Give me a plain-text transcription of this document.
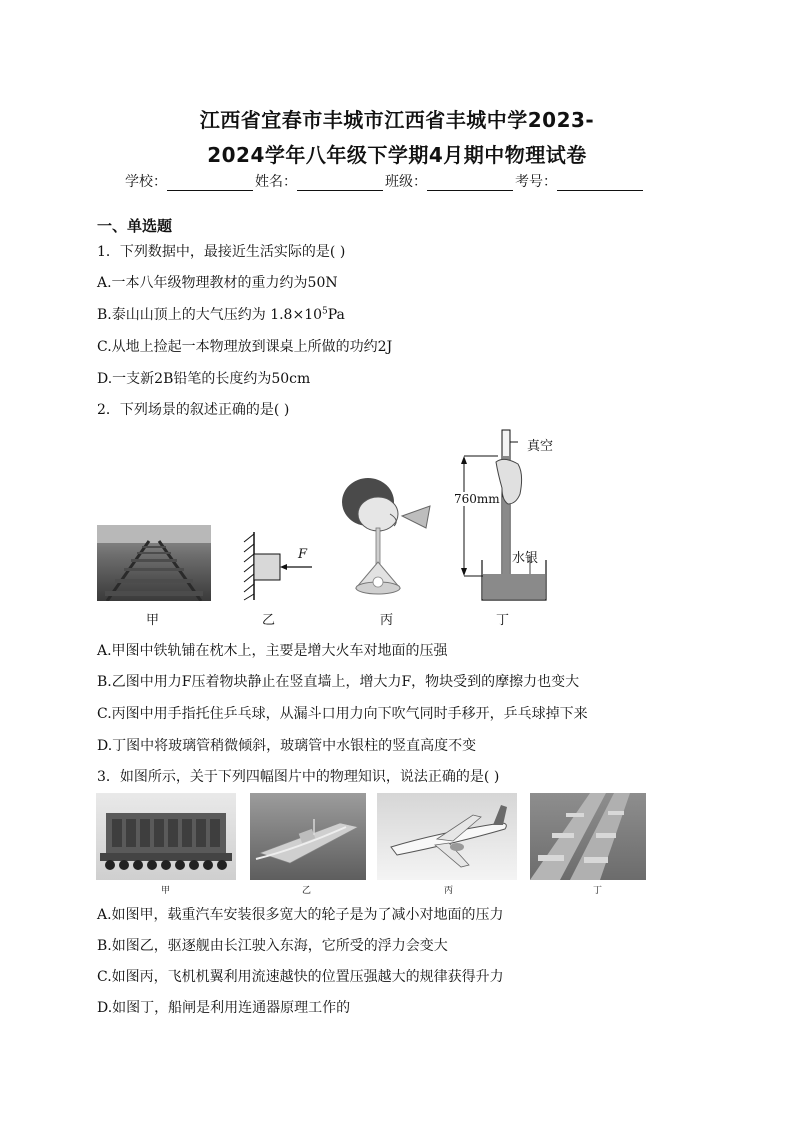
江西省宜春市丰城市江西省丰城中学2023-
2024学年八年级下学期4月期中物理试卷
学校：	姓名：	班级：	考号：
一、单选题
1．下列数据中，最接近生活实际的是( )
A.一本八年级物理教材的重力约为50N
B.泰山山顶上的大气压约为 $1.8\times 10^5Pa$
C.从地上捡起一本物理放到课桌上所做的功约2J
D.一支新2B铅笔的长度约为50cm
2．下列场景的叙述正确的是( )
F
真空
760mm
水银
甲	乙	丙	丁
A.甲图中铁轨铺在枕木上，主要是增大火车对地面的压强
B.乙图中用力F压着物块静止在竖直墙上，增大力F，物块受到的摩擦力也变大
C.丙图中用手指托住乒乓球，从漏斗口用力向下吹气同时手移开，乒乓球掉下来
D.丁图中将玻璃管稍微倾斜，玻璃管中水银柱的竖直高度不变
3．如图所示，关于下列四幅图片中的物理知识，说法正确的是( )
甲	乙	丙	丁
A.如图甲，载重汽车安装很多宽大的轮子是为了减小对地面的压力
B.如图乙，驱逐舰由长江驶入东海，它所受的浮力会变大
C.如图丙，飞机机翼利用流速越快的位置压强越大的规律获得升力
D.如图丁，船闸是利用连通器原理工作的
